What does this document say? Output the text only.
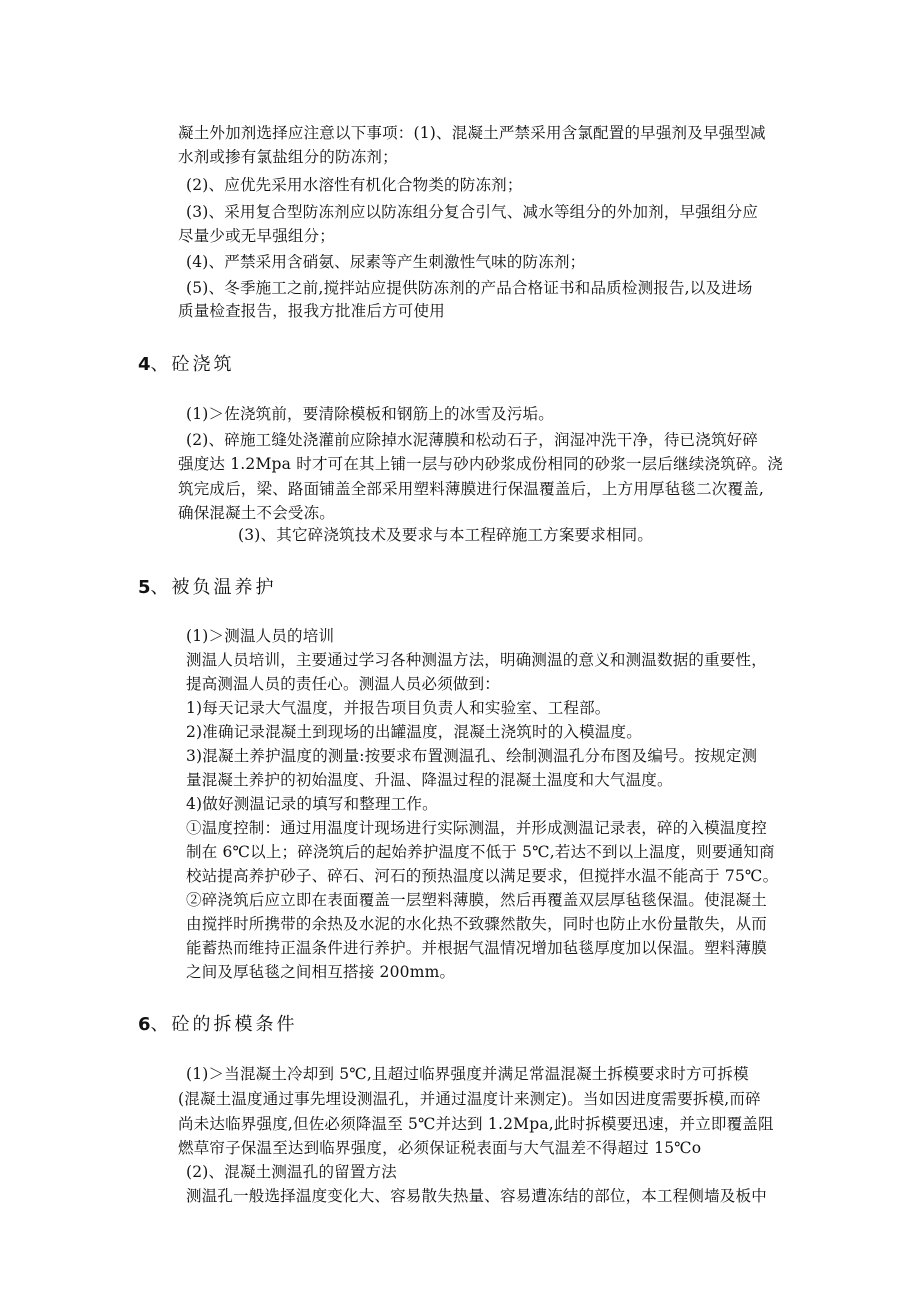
凝土外加剂选择应注意以下事项：(1)、混凝土严禁采用含氯配置的早强剂及早强型减
水剂或掺有氯盐组分的防冻剂；
(2)、应优先采用水溶性有机化合物类的防冻剂；
(3)、采用复合型防冻剂应以防冻组分复合引气、减水等组分的外加剂，早强组分应
尽量少或无早强组分；
(4)、严禁采用含硝氨、尿素等产生刺激性气味的防冻剂；
(5)、冬季施工之前,搅拌站应提供防冻剂的产品合格证书和品质检测报告,以及进场
质量检查报告，报我方批准后方可使用
4、砼浇筑
(1)＞佐浇筑前，要清除模板和钢筋上的冰雪及污垢。
(2)、碎施工缝处浇灌前应除掉水泥薄膜和松动石子，润湿冲洗干净，待已浇筑好碎
强度达 1.2Mpa 时才可在其上铺一层与砂内砂浆成份相同的砂浆一层后继续浇筑碎。浇
筑完成后，梁、路面铺盖全部采用塑料薄膜进行保温覆盖后，上方用厚毡毯二次覆盖,
确保混凝土不会受冻。
(3)、其它碎浇筑技术及要求与本工程碎施工方案要求相同。
5、被负温养护
(1)＞测温人员的培训
测温人员培训，主要通过学习各种测温方法，明确测温的意义和测温数据的重要性，
提高测温人员的责任心。测温人员必须做到：
1)每天记录大气温度，并报告项目负责人和实验室、工程部。
2)准确记录混凝土到现场的出罐温度，混凝土浇筑时的入模温度。
3)混凝土养护温度的测量:按要求布置测温孔、绘制测温孔分布图及编号。按规定测
量混凝土养护的初始温度、升温、降温过程的混凝土温度和大气温度。
4)做好测温记录的填写和整理工作。
①温度控制：通过用温度计现场进行实际测温，并形成测温记录表，碎的入模温度控
制在 6℃以上；碎浇筑后的起始养护温度不低于 5℃,若达不到以上温度，则要通知商
校站提高养护砂子、碎石、河石的预热温度以满足要求，但搅拌水温不能高于 75℃。
②碎浇筑后应立即在表面覆盖一层塑料薄膜，然后再覆盖双层厚毡毯保温。使混凝土
由搅拌时所携带的余热及水泥的水化热不致骤然散失，同时也防止水份量散失，从而
能蓄热而维持正温条件进行养护。并根据气温情况增加毡毯厚度加以保温。塑料薄膜
之间及厚毡毯之间相互搭接 200mm。
6、砼的拆模条件
(1)＞当混凝土冷却到 5℃,且超过临界强度并满足常温混凝土拆模要求时方可拆模
(混凝土温度通过事先埋设测温孔，并通过温度计来测定)。当如因进度需要拆模,而碎
尚未达临界强度,但佐必须降温至 5℃并达到 1.2Mpa,此时拆模要迅速，并立即覆盖阻
燃草帘子保温至达到临界强度，必须保证税表面与大气温差不得超过 15℃o
(2)、混凝土测温孔的留置方法
测温孔一般选择温度变化大、容易散失热量、容易遭冻结的部位，本工程侧墙及板中
